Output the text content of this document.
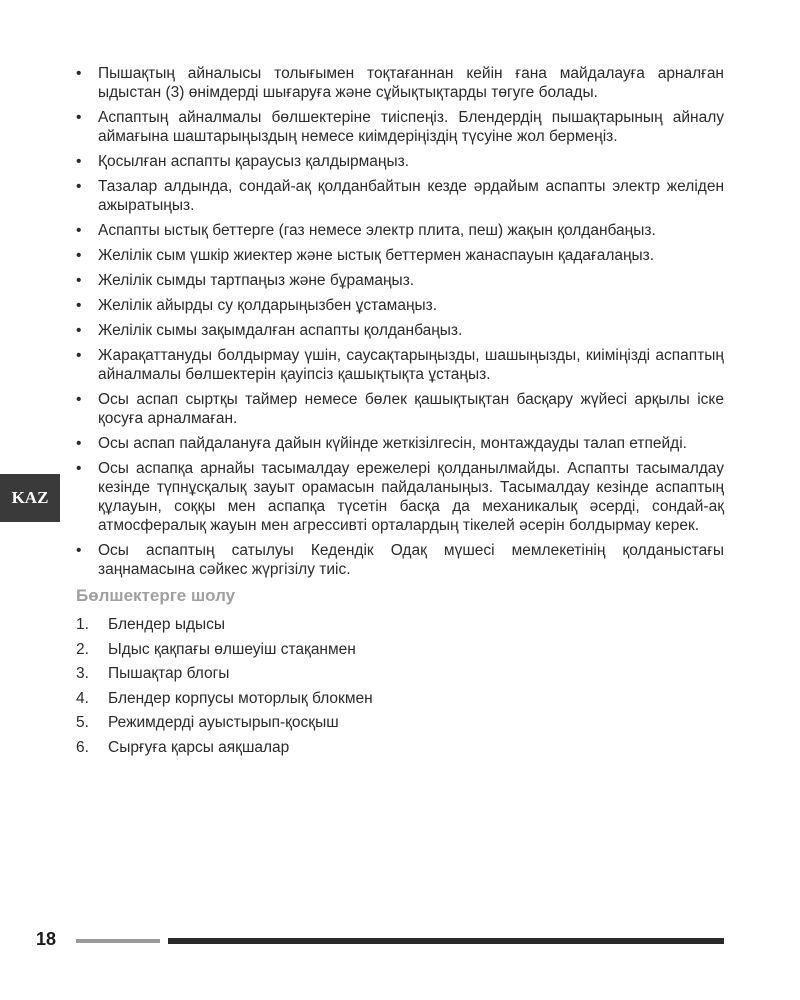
KAZ
• Пышақтың айналысы толығымен тоқтағаннан кейін ғана майдалауға арналған ыдыстан (3) өнімдерді шығаруға және сұйықтықтарды төгуге болады.
• Аспаптың айналмалы бөлшектеріне тиіспеңіз. Блендердің пышақтарының айналу аймағына шаштарыңыздың немесе киімдеріңіздің түсуіне жол бермеңіз.
• Қосылған аспапты қараусыз қалдырмаңыз.
• Тазалар алдында, сондай-ақ қолданбайтын кезде әрдайым аспапты электр желіден ажыратыңыз.
• Аспапты ыстық беттерге (газ немесе электр плита, пеш) жақын қолданбаңыз.
• Желілік сым үшкір жиектер және ыстық беттермен жанаспауын қадағалаңыз.
• Желілік сымды тартпаңыз және бұрамаңыз.
• Желілік айырды су қолдарыңызбен ұстамаңыз.
• Желілік сымы зақымдалған аспапты қолданбаңыз.
• Жарақаттануды болдырмау үшін, саусақтарыңызды, шашыңызды, киіміңізді аспаптың айналмалы бөлшектерін қауіпсіз қашықтықта ұстаңыз.
• Осы аспап сыртқы таймер немесе бөлек қашықтықтан басқару жүйесі арқылы іске қосуға арналмаған.
• Осы аспап пайдалануға дайын күйінде жеткізілгесін, монтаждауды талап етпейді.
• Осы аспапқа арнайы тасымалдау ережелері қолданылмайды. Аспапты тасымалдау кезінде түпнұсқалық зауыт орамасын пайдаланыңыз. Тасымалдау кезінде аспаптың құлауын, соққы мен аспапқа түсетін басқа да механикалық әсерді, сондай-ақ атмосфералық жауын мен агрессивті орталардың тікелей әсерін болдырмау керек.
• Осы аспаптың сатылуы Кедендік Одақ мүшесі мемлекетінің қолданыстағы заңнамасына сәйкес жүргізілу тиіс.
Бөлшектерге шолу
1.	Блендер ыдысы
2.	Ыдыс қақпағы өлшеуіш стақанмен
3.	Пышақтар блогы
4.	Блендер корпусы моторлық блокмен
5.	Режимдерді ауыстырып-қосқыш
6.	Сырғуға қарсы аяқшалар
18
